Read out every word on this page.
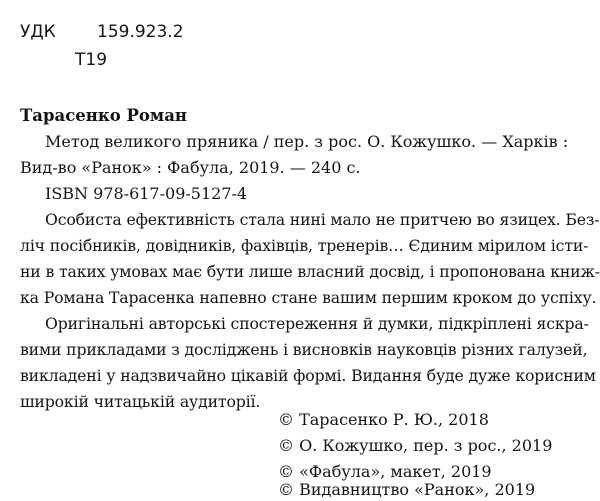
УДК 159.923.2
Т19
Тарасенко Роман
Метод великого пряника / пер. з рос. О. Кожушко. — Харків :
Вид-во «Ранок» : Фабула, 2019. — 240 с.
ISBN 978-617-09-5127-4
Особиста ефективність стала нині мало не притчею во язицех. Без-
ліч посібників, довідників, фахівців, тренерів… Єдиним мірилом істи-
ни в таких умовах має бути лише власний досвід, і пропонована книж-
ка Романа Тарасенка напевно стане вашим першим кроком до успіху.
Оригінальні авторські спостереження й думки, підкріплені яскра-
вими прикладами з досліджень і висновків науковців різних галузей,
викладені у надзвичайно цікавій формі. Видання буде дуже корисним
широкій читацькій аудиторії.
© Тарасенко Р. Ю., 2018
© О. Кожушко, пер. з рос., 2019
© «Фабула», макет, 2019
© Видавництво «Ранок», 2019
